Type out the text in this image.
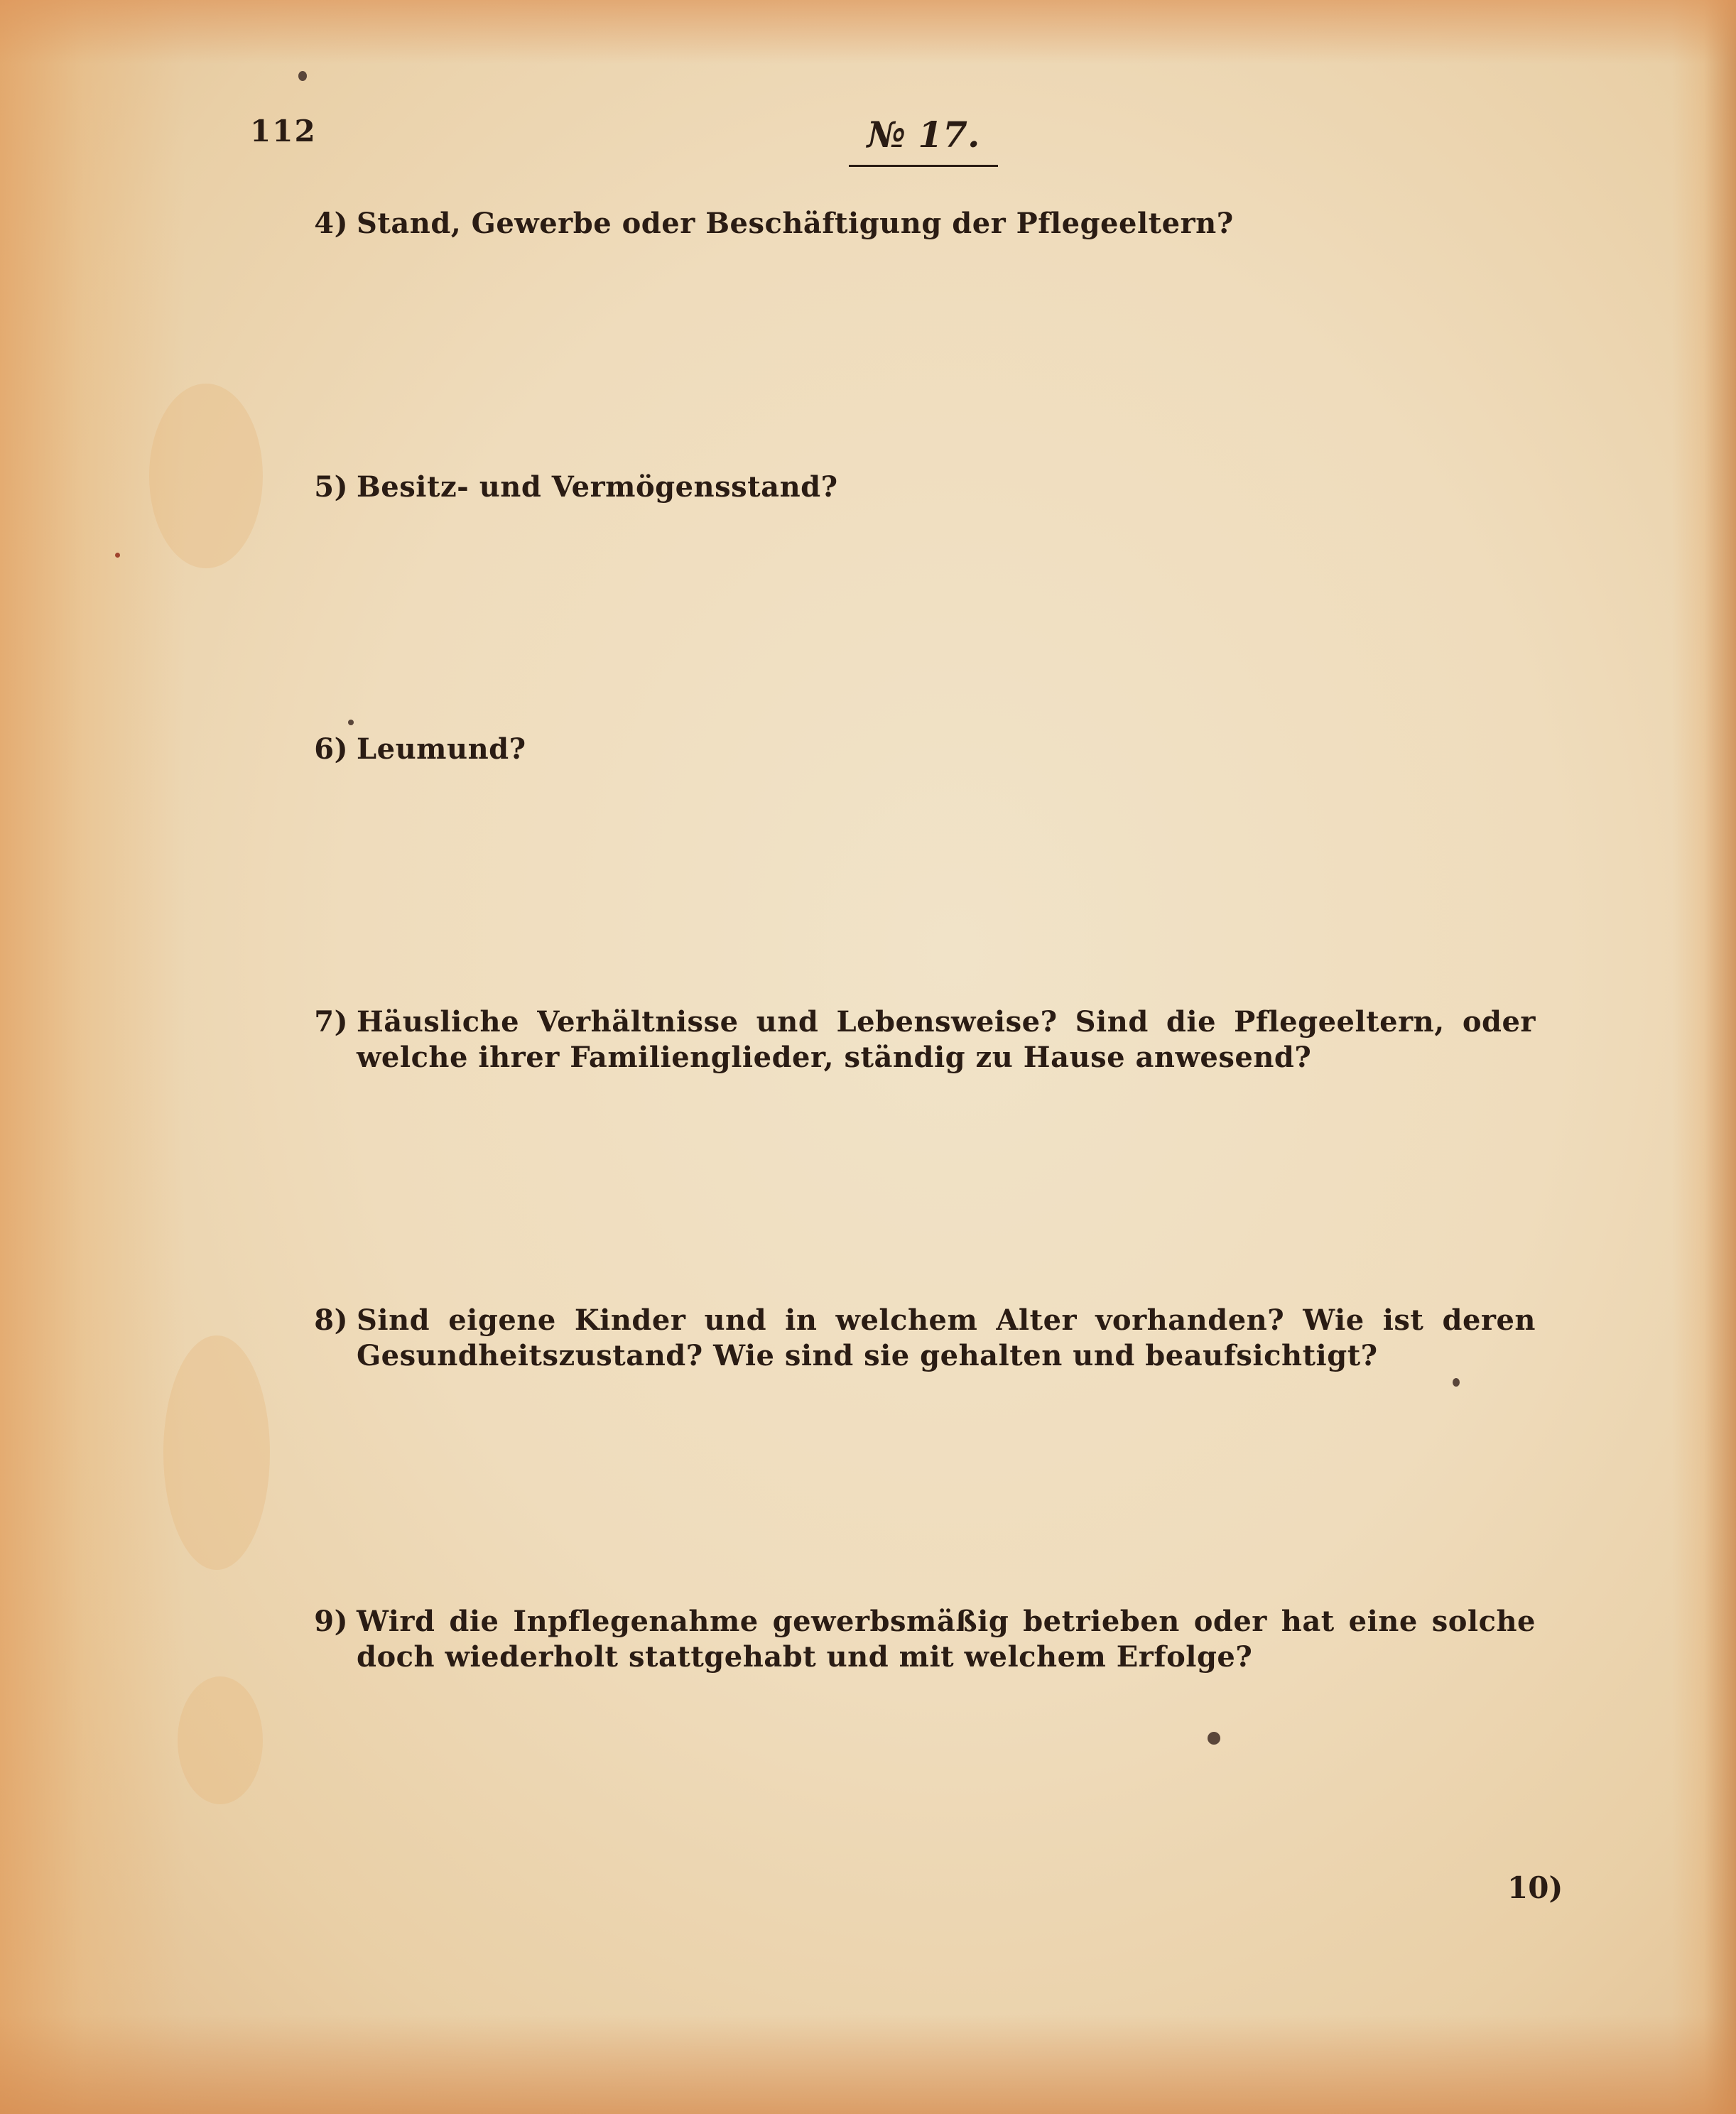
112	№ 17.
4) Stand, Gewerbe oder Beschäftigung der Pflegeeltern?
5) Besitz- und Vermögensstand?
6) Leumund?
7) Häusliche Verhältnisse und Lebensweise? Sind die Pflegeeltern, oder welche ihrer Familienglieder, ständig zu Hause anwesend?
8) Sind eigene Kinder und in welchem Alter vorhanden? Wie ist deren Gesundheitszustand? Wie sind sie gehalten und beaufsichtigt?
9) Wird die Inpflegenahme gewerbsmäßig betrieben oder hat eine solche doch wiederholt stattgehabt und mit welchem Erfolge?
10)
